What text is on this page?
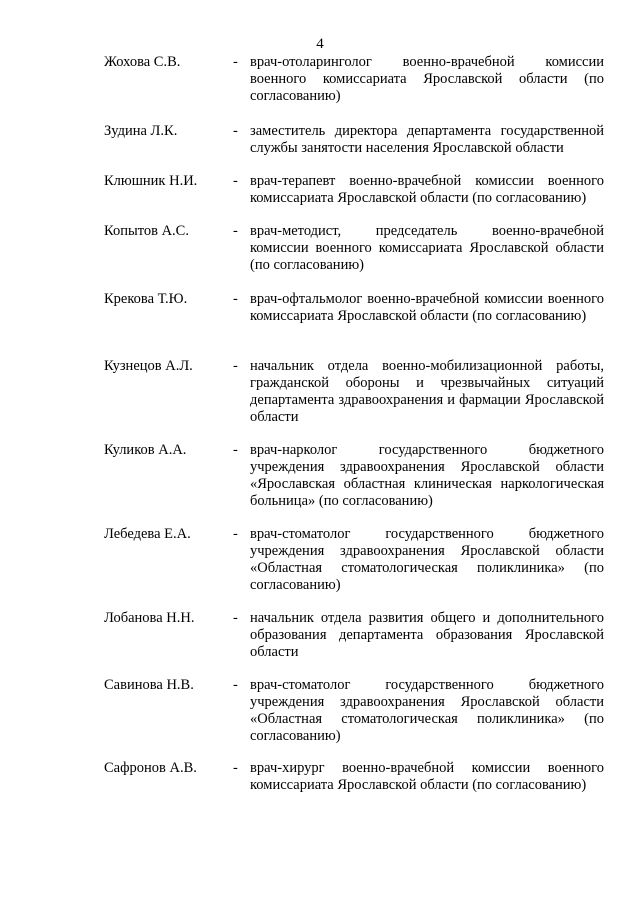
4
Жохова С.В.	- врач-отоларинголог военно-врачебной комиссии военного комиссариата Ярославской области (по согласованию)
Зудина Л.К.	- заместитель директора департамента государственной службы занятости населения Ярославской области
Клюшник Н.И. - врач-терапевт военно-врачебной комиссии военного комиссариата Ярославской области (по согласованию)
Копытов А.С.	- врач-методист, председатель военно-врачебной комиссии военного комиссариата Ярославской области (по согласованию)
Крекова Т.Ю.	- врач-офтальмолог военно-врачебной комиссии военного комиссариата Ярославской области (по согласованию)
Кузнецов А.Л.	- начальник отдела военно-мобилизационной работы, гражданской обороны и чрезвычайных ситуаций департамента здравоохранения и фармации Ярославской области
Куликов А.А.	- врач-нарколог государственного бюджетного учреждения здравоохранения Ярославской области «Ярославская областная клиническая наркологическая больница» (по согласованию)
Лебедева Е.А.	- врач-стоматолог государственного бюджетного учреждения здравоохранения Ярославской области «Областная стоматологическая поликлиника» (по согласованию)
Лобанова Н.Н.	- начальник отдела развития общего и дополнительного образования департамента образования Ярославской области
Савинова Н.В.	- врач-стоматолог государственного бюджетного учреждения здравоохранения Ярославской области «Областная стоматологическая поликлиника» (по согласованию)
Сафронов А.В. - врач-хирург военно-врачебной комиссии военного комиссариата Ярославской области (по согласованию)
